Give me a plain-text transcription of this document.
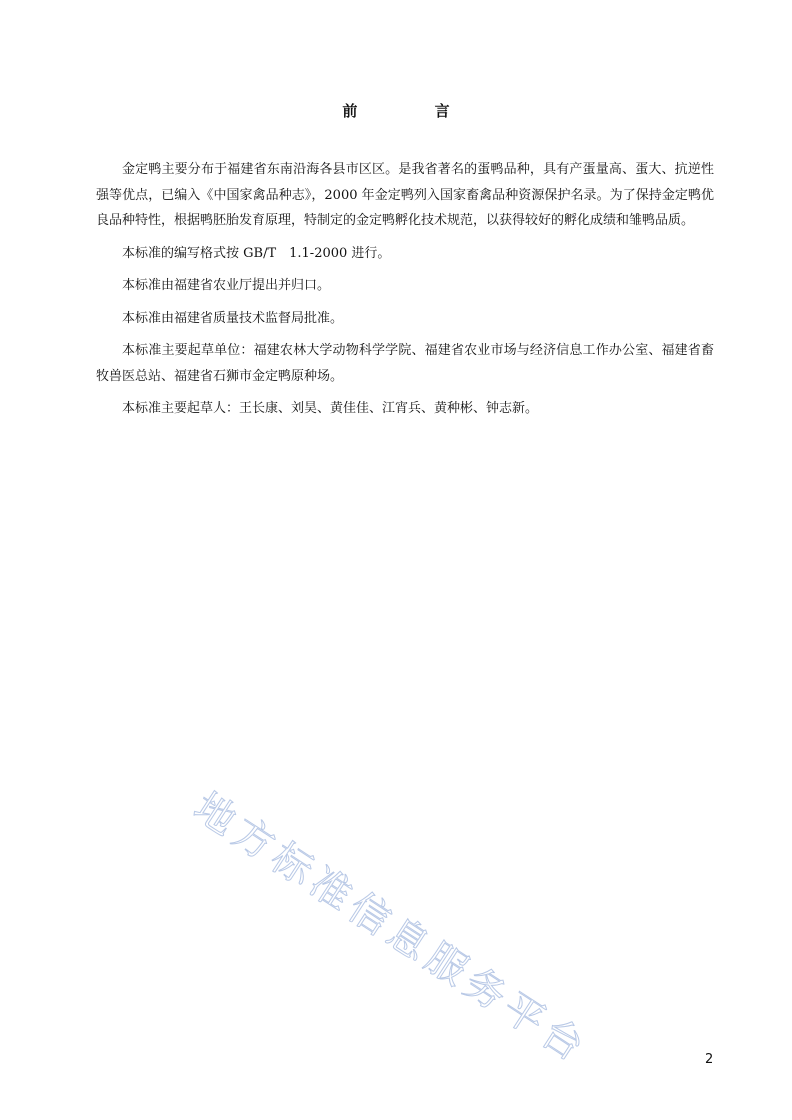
前 言

金定鸭主要分布于福建省东南沿海各县市区区。是我省著名的蛋鸭品种，具有产蛋量高、蛋大、抗逆性强等优点，已编入《中国家禽品种志》，2000 年金定鸭列入国家畜禽品种资源保护名录。为了保持金定鸭优良品种特性，根据鸭胚胎发育原理，特制定的金定鸭孵化技术规范，以获得较好的孵化成绩和雏鸭品质。

本标准的编写格式按 GB/T　1.1-2000 进行。

本标准由福建省农业厅提出并归口。

本标准由福建省质量技术监督局批准。

本标准主要起草单位：福建农林大学动物科学学院、福建省农业市场与经济信息工作办公室、福建省畜牧兽医总站、福建省石狮市金定鸭原种场。

本标准主要起草人：王长康、刘昊、黄佳佳、江宵兵、黄种彬、钟志新。

地方标准信息服务平台	2
